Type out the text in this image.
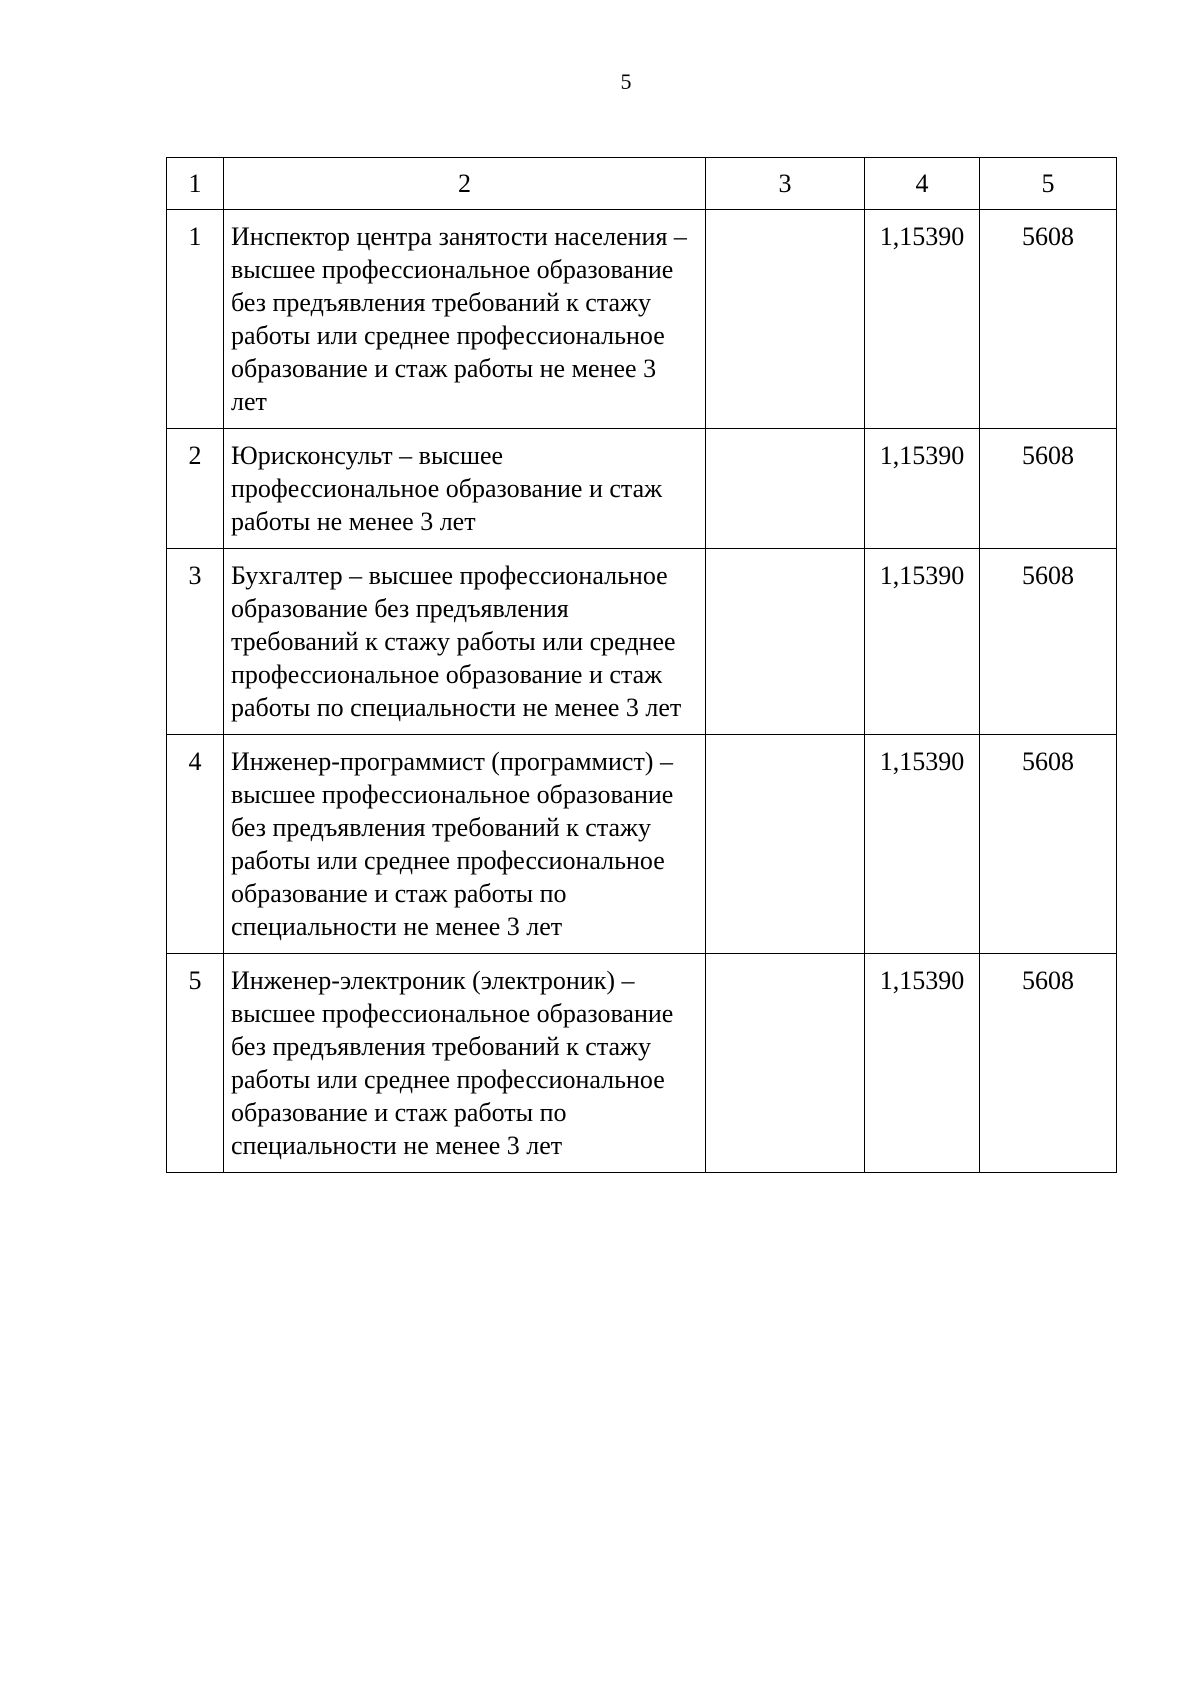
5
1	2	3	4	5
1	Инспектор центра занятости населения – высшее профессиональное образование без предъявления требований к стажу работы или среднее профессиональное образование и стаж работы не менее 3 лет		1,15390	5608
2	Юрисконсульт – высшее профессиональное образование и стаж работы не менее 3 лет		1,15390	5608
3	Бухгалтер – высшее профессиональное образование без предъявления требований к стажу работы или среднее профессиональное образование и стаж работы по специальности не менее 3 лет		1,15390	5608
4	Инженер-программист (программист) – высшее профессиональное образование без предъявления требований к стажу работы или среднее профессиональное образование и стаж работы по специальности не менее 3 лет		1,15390	5608
5	Инженер-электроник (электроник) – высшее профессиональное образование без предъявления требований к стажу работы или среднее профессиональное образование и стаж работы по специальности не менее 3 лет		1,15390	5608
